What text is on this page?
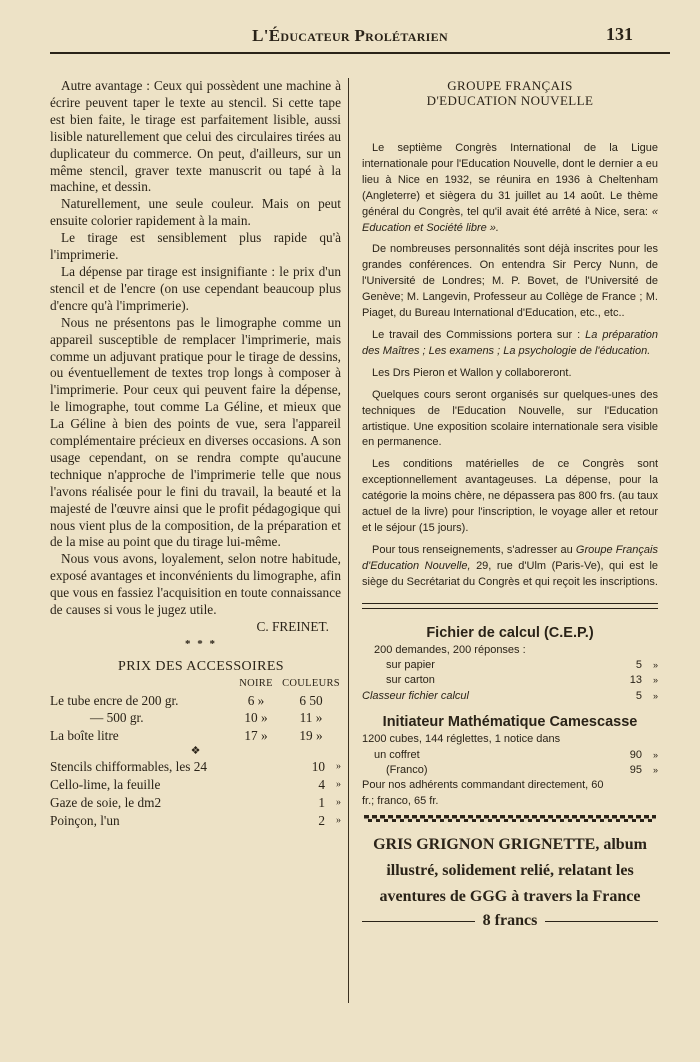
L'Éducateur Prolétarien	131

Autre avantage : Ceux qui possèdent une machine à écrire peuvent taper le texte au stencil. Si cette tape est bien faite, le tirage est parfaitement lisible, aussi lisible naturellement que celui des circulaires tirées au duplicateur du commerce. On peut, d'ailleurs, sur un même stencil, graver texte manuscrit ou tapé à la machine, et dessin.

Naturellement, une seule couleur. Mais on peut ensuite colorier rapidement à la main.

Le tirage est sensiblement plus rapide qu'à l'imprimerie.

La dépense par tirage est insignifiante : le prix d'un stencil et de l'encre (on use cependant beaucoup plus d'encre qu'à l'imprimerie).

Nous ne présentons pas le limographe comme un appareil susceptible de remplacer l'imprimerie, mais comme un adjuvant pratique pour le tirage de dessins, ou éventuellement de textes trop longs à composer à l'imprimerie. Pour ceux qui peuvent faire la dépense, le limographe, tout comme La Géline, et mieux que La Géline à bien des points de vue, sera l'appareil complémentaire précieux en diverses occasions. A son usage cependant, on se rendra compte qu'aucune technique n'approche de l'imprimerie telle que nous l'avons réalisée pour le fini du travail, la beauté et la majesté de l'œuvre ainsi que le profit pédagogique qui nous vient plus de la composition, de la préparation et de la mise au point que du tirage lui-même.

Nous vous avons, loyalement, selon notre habitude, exposé avantages et inconvénients du limographe, afin que vous en fassiez l'acquisition en toute connaissance de causes si vous le jugez utile.

C. FREINET.

* * *

PRIX DES ACCESSOIRES

	NOIRE	COULEURS
Le tube encre de 200 gr.	6 »	6 50
— 500 gr.	10 »	11 »
La boîte litre	17 »	19 »
❖
Stencils chifformables, les 24	10	»
Cello-lime, la feuille	4	»
Gaze de soie, le dm2	1	»
Poinçon, l'un	2	»
GROUPE FRANÇAIS
D'EDUCATION NOUVELLE

Le septième Congrès International de la Ligue internationale pour l'Education Nouvelle, dont le dernier a eu lieu à Nice en 1932, se réunira en 1936 à Cheltenham (Angleterre) et siègera du 31 juillet au 14 août. Le thème général du Congrès, tel qu'il avait été arrêté à Nice, sera: « Education et Société libre ».

De nombreuses personnalités sont déjà inscrites pour les grandes conférences. On entendra Sir Percy Nunn, de l'Université de Londres; M. P. Bovet, de l'Université de Genève; M. Langevin, Professeur au Collège de France ; M. Piaget, du Bureau International d'Education, etc., etc..

Le travail des Commissions portera sur : La préparation des Maîtres ; Les examens ; La psychologie de l'éducation.

Les Drs Pieron et Wallon y collaboreront.

Quelques cours seront organisés sur quelques-unes des techniques de l'Education Nouvelle, sur l'Education artistique. Une exposition scolaire internationale sera visible en permanence.

Les conditions matérielles de ce Congrès sont exceptionnellement avantageuses. La dépense, pour la catégorie la moins chère, ne dépassera pas 800 frs. (au taux actuel de la livre) pour l'inscription, le voyage aller et retour et le séjour (15 jours).

Pour tous renseignements, s'adresser au Groupe Français d'Education Nouvelle, 29, rue d'Ulm (Paris-Ve), qui est le siège du Secrétariat du Congrès et qui reçoit les inscriptions.

Fichier de calcul (C.E.P.)
200 demandes, 200 réponses :
sur papier	5	»
sur carton	13	»
Classeur fichier calcul	5	»
Initiateur Mathématique Camescasse
1200 cubes, 144 réglettes, 1 notice dans
un coffret	90	»
(Franco)	95	»
Pour nos adhérents commandant directement, 60 fr.; franco, 65 fr.
GRIS GRIGNON GRIGNETTE, album illustré, solidement relié, relatant les aventures de GGG à travers la France
8 francs
